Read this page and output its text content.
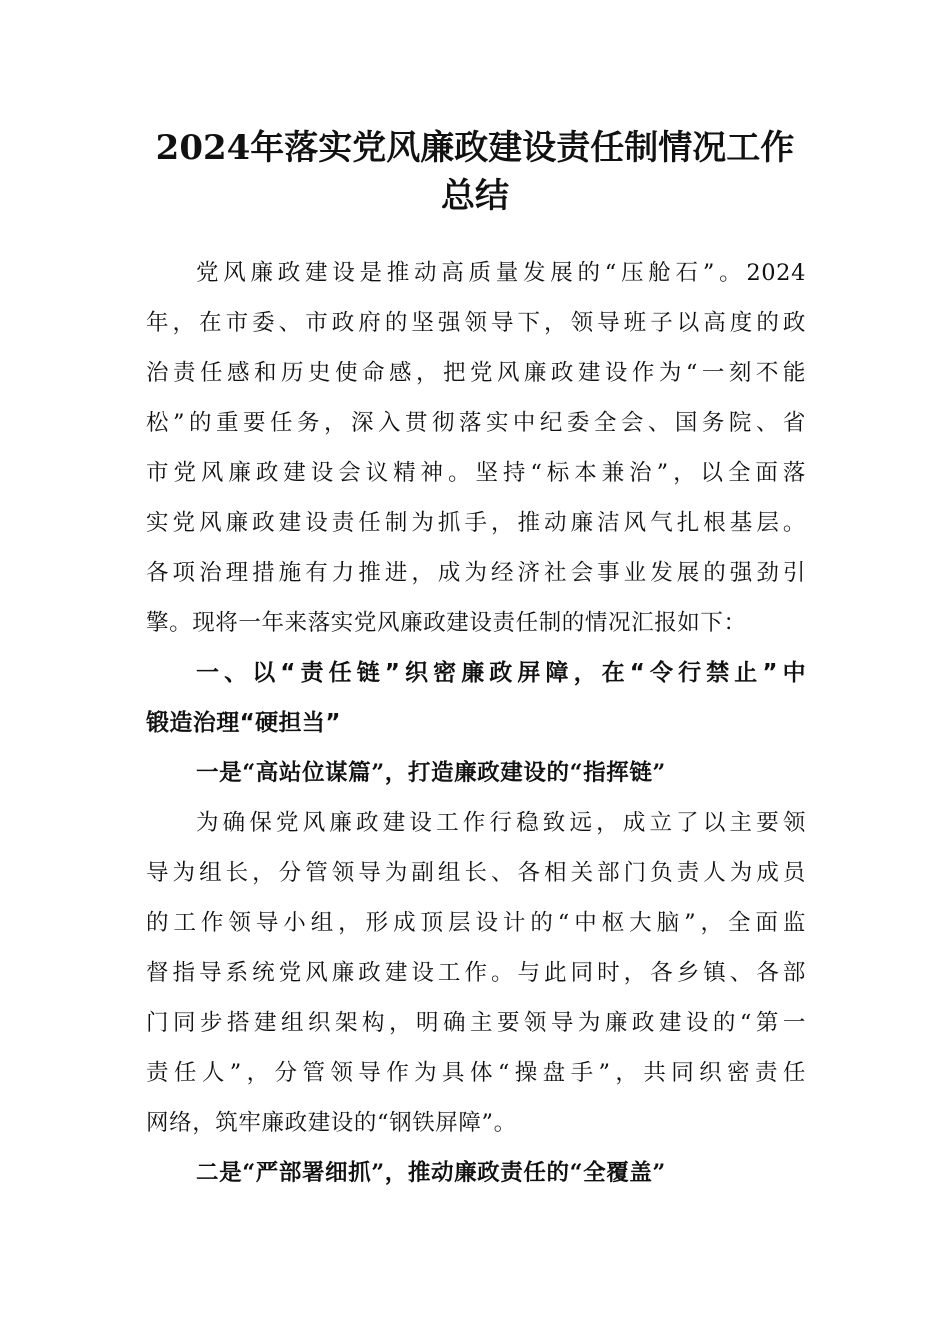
2024年落实党风廉政建设责任制情况工作
总结
党风廉政建设是推动高质量发展的“压舱石”。2024
年，在市委、市政府的坚强领导下，领导班子以高度的政
治责任感和历史使命感，把党风廉政建设作为“一刻不能
松”的重要任务，深入贯彻落实中纪委全会、国务院、省
市党风廉政建设会议精神。坚持“标本兼治”，以全面落
实党风廉政建设责任制为抓手，推动廉洁风气扎根基层。
各项治理措施有力推进，成为经济社会事业发展的强劲引
擎。现将一年来落实党风廉政建设责任制的情况汇报如下：
一、以“责任链”织密廉政屏障，在“令行禁止”中
锻造治理“硬担当”
一是“高站位谋篇”，打造廉政建设的“指挥链”
为确保党风廉政建设工作行稳致远，成立了以主要领
导为组长，分管领导为副组长、各相关部门负责人为成员
的工作领导小组，形成顶层设计的“中枢大脑”，全面监
督指导系统党风廉政建设工作。与此同时，各乡镇、各部
门同步搭建组织架构，明确主要领导为廉政建设的“第一
责任人”，分管领导作为具体“操盘手”，共同织密责任
网络，筑牢廉政建设的“钢铁屏障”。
二是“严部署细抓”，推动廉政责任的“全覆盖”
